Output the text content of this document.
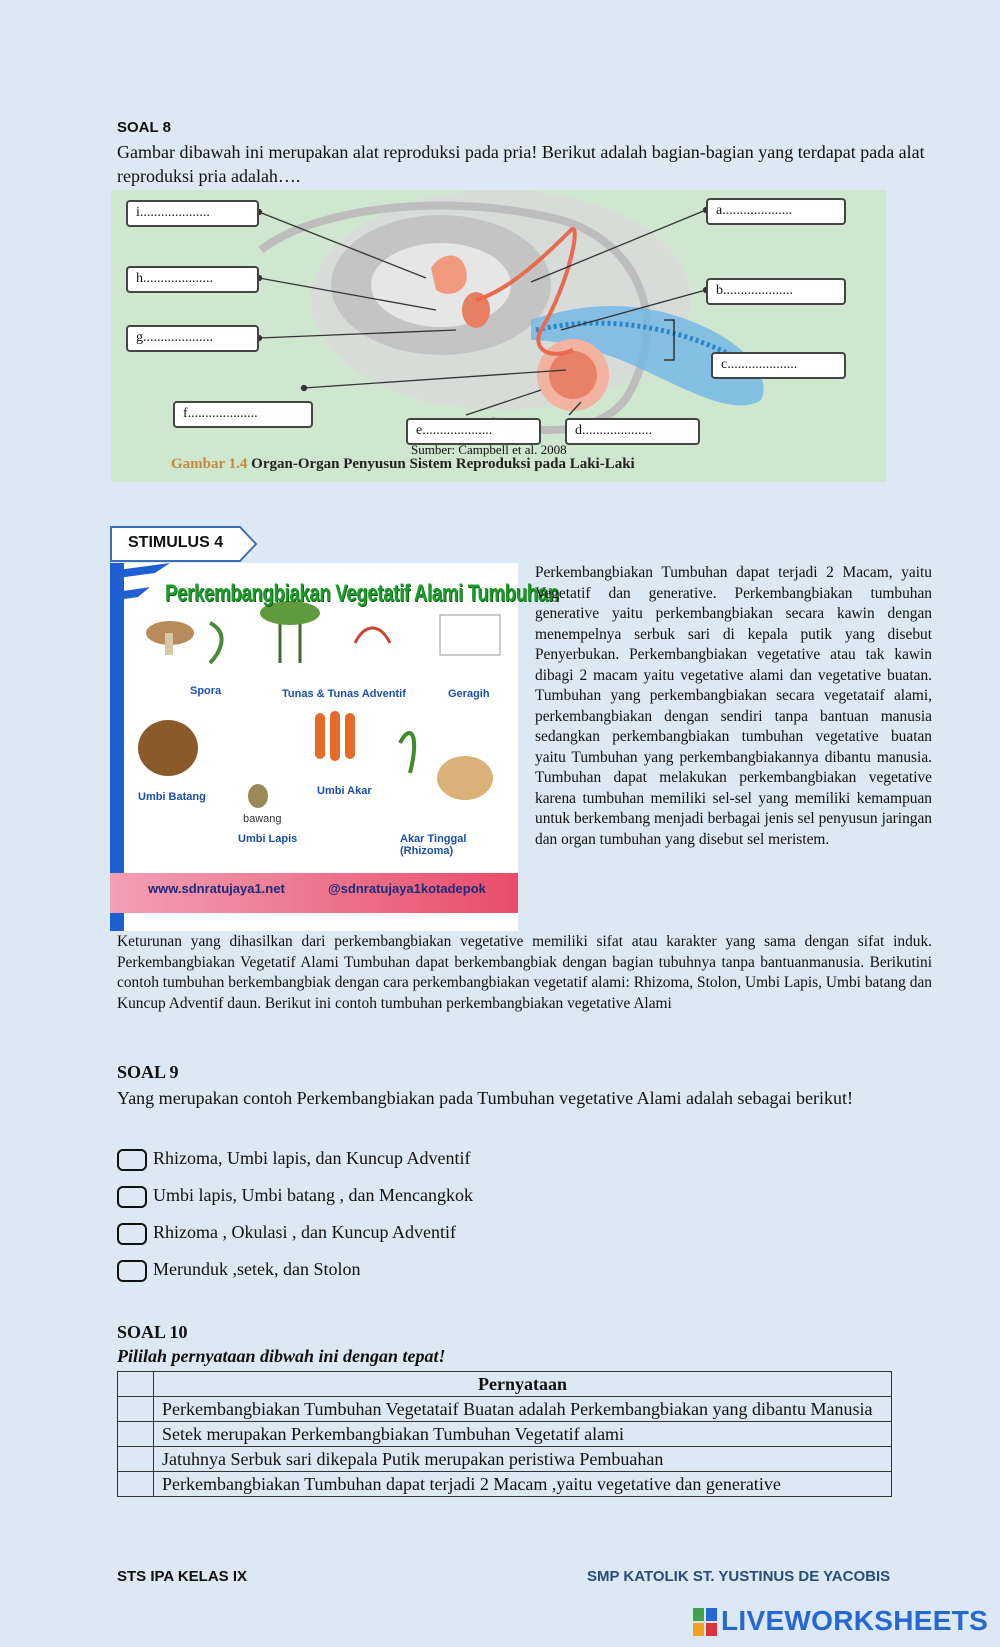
SOAL 8
Gambar dibawah ini merupakan alat reproduksi pada pria! Berikut adalah bagian-bagian yang terdapat pada alat reproduksi pria adalah….
i....................
h....................
g....................
f....................
e....................	d....................
a....................
b....................
c....................
Sumber: Campbell et al. 2008
Gambar 1.4 Organ-Organ Penyusun Sistem Reproduksi pada Laki-Laki
STIMULUS 4
Perkembangbiakan Vegetatif Alami Tumbuhan
Spora	Tunas & Tunas Adventif	Geragih
Umbi Batang	Umbi Akar
bawang
Umbi Lapis	Akar Tinggal (Rhizoma)
www.sdnratujaya1.net	@sdnratujaya1kotadepok
Perkembangbiakan Tumbuhan dapat terjadi 2 Macam, yaitu Vegetatif dan generative. Perkembangbiakan tumbuhan generative yaitu perkembangbiakan secara kawin dengan menempelnya serbuk sari di kepala putik yang disebut Penyerbukan. Perkembangbiakan vegetative atau tak kawin dibagi 2 macam yaitu vegetative alami dan vegetative buatan. Tumbuhan yang perkembangbiakan secara vegetataif alami, perkembangbiakan dengan sendiri tanpa bantuan manusia sedangkan perkembangbiakan tumbuhan vegetative buatan yaitu Tumbuhan yang perkembangbiakannya dibantu manusia. Tumbuhan dapat melakukan perkembangbiakan vegetative karena tumbuhan memiliki sel-sel yang memiliki kemampuan untuk berkembang menjadi berbagai jenis sel penyusun jaringan dan organ tumbuhan yang disebut sel meristem.
Keturunan yang dihasilkan dari perkembangbiakan vegetative memiliki sifat atau karakter yang sama dengan sifat induk. Perkembangbiakan Vegetatif Alami Tumbuhan dapat berkembangbiak dengan bagian tubuhnya tanpa bantuanmanusia. Berikutini contoh tumbuhan berkembangbiak dengan cara perkembangbiakan vegetatif alami: Rhizoma, Stolon, Umbi Lapis, Umbi batang dan Kuncup Adventif daun. Berikut ini contoh tumbuhan perkembangbiakan vegetative Alami
SOAL 9
Yang merupakan contoh Perkembangbiakan pada Tumbuhan vegetative Alami adalah sebagai berikut!
Rhizoma, Umbi lapis, dan Kuncup Adventif
Umbi lapis, Umbi batang , dan Mencangkok
Rhizoma , Okulasi , dan Kuncup Adventif
Merunduk ,setek, dan Stolon
SOAL 10
Pililah pernyataan dibwah ini dengan tepat!
	Pernyataan
	Perkembangbiakan Tumbuhan Vegetataif Buatan adalah Perkembangbiakan yang dibantu Manusia
	Setek merupakan Perkembangbiakan Tumbuhan Vegetatif alami
	Jatuhnya Serbuk sari dikepala Putik merupakan peristiwa Pembuahan
	Perkembangbiakan Tumbuhan dapat terjadi 2 Macam ,yaitu vegetative dan generative
STS IPA KELAS IX	SMP KATOLIK ST. YUSTINUS DE YACOBIS
LIVEWORKSHEETS
